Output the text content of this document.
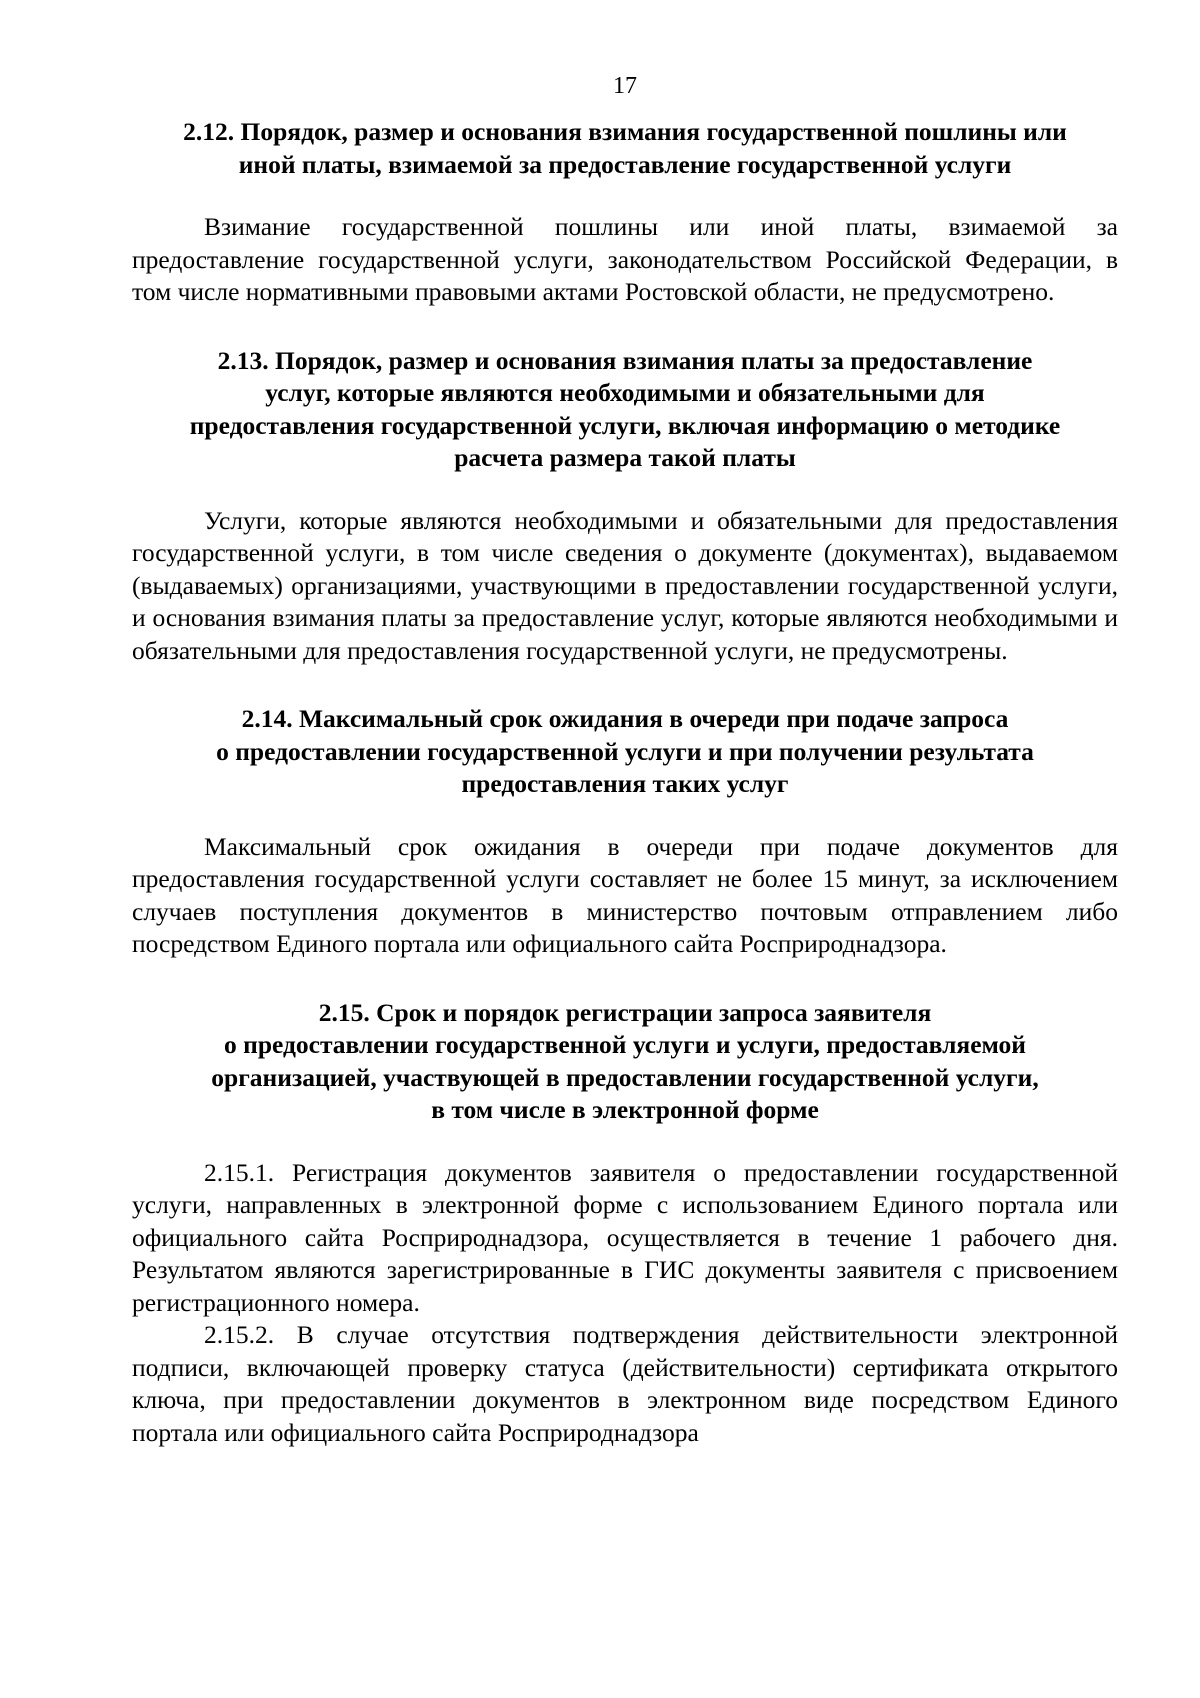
17
2.12. Порядок, размер и основания взимания государственной пошлины или
иной платы, взимаемой за предоставление государственной услуги

Взимание государственной пошлины или иной платы, взимаемой за предоставление государственной услуги, законодательством Российской Федерации, в том числе нормативными правовыми актами Ростовской области, не предусмотрено.

2.13. Порядок, размер и основания взимания платы за предоставление
услуг, которые являются необходимыми и обязательными для
предоставления государственной услуги, включая информацию о методике
расчета размера такой платы

Услуги, которые являются необходимыми и обязательными для предоставления государственной услуги, в том числе сведения о документе (документах), выдаваемом (выдаваемых) организациями, участвующими в предоставлении государственной услуги, и основания взимания платы за предоставление услуг, которые являются необходимыми и обязательными для предоставления государственной услуги, не предусмотрены.

2.14. Максимальный срок ожидания в очереди при подаче запроса
о предоставлении государственной услуги и при получении результата
предоставления таких услуг

Максимальный срок ожидания в очереди при подаче документов для предоставления государственной услуги составляет не более 15 минут, за исключением случаев поступления документов в министерство почтовым отправлением либо посредством Единого портала или официального сайта Росприроднадзора.

2.15. Срок и порядок регистрации запроса заявителя
о предоставлении государственной услуги и услуги, предоставляемой
организацией, участвующей в предоставлении государственной услуги,
в том числе в электронной форме

2.15.1. Регистрация документов заявителя о предоставлении государственной услуги, направленных в электронной форме с использованием Единого портала или официального сайта Росприроднадзора, осуществляется в течение 1 рабочего дня. Результатом являются зарегистрированные в ГИС документы заявителя с присвоением регистрационного номера.

2.15.2. В случае отсутствия подтверждения действительности электронной подписи, включающей проверку статуса (действительности) сертификата открытого ключа, при предоставлении документов в электронном виде посредством Единого портала или официального сайта Росприроднадзора
